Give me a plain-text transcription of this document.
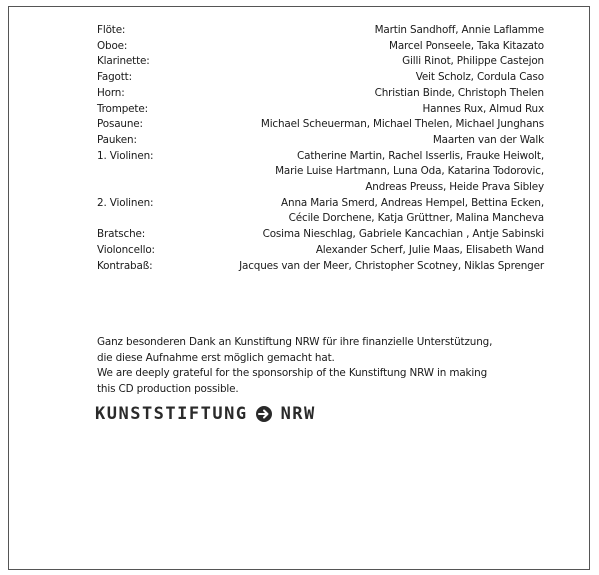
Flöte:	Martin Sandhoff, Annie Laflamme
Oboe:	Marcel Ponseele, Taka Kitazato
Klarinette:	Gilli Rinot, Philippe Castejon
Fagott:	Veit Scholz, Cordula Caso
Horn:	Christian Binde, Christoph Thelen
Trompete:	Hannes Rux, Almud Rux
Posaune:	Michael Scheuerman, Michael Thelen, Michael Junghans
Pauken:	Maarten van der Walk
1. Violinen:	Catherine Martin, Rachel Isserlis, Frauke Heiwolt,
Marie Luise Hartmann, Luna Oda, Katarina Todorovic,
Andreas Preuss, Heide Prava Sibley
2. Violinen:	Anna Maria Smerd, Andreas Hempel, Bettina Ecken,
Cécile Dorchene, Katja Grüttner, Malina Mancheva
Bratsche:	Cosima Nieschlag, Gabriele Kancachian , Antje Sabinski
Violoncello:	Alexander Scherf, Julie Maas, Elisabeth Wand
Kontrabaß:	Jacques van der Meer, Christopher Scotney, Niklas Sprenger

Ganz besonderen Dank an Kunstiftung NRW für ihre finanzielle Unterstützung,

die diese Aufnahme erst möglich gemacht hat.

We are deeply grateful for the sponsorship of the Kunstiftung NRW in making

this CD production possible.

KUNSTSTIFTUNG NRW
